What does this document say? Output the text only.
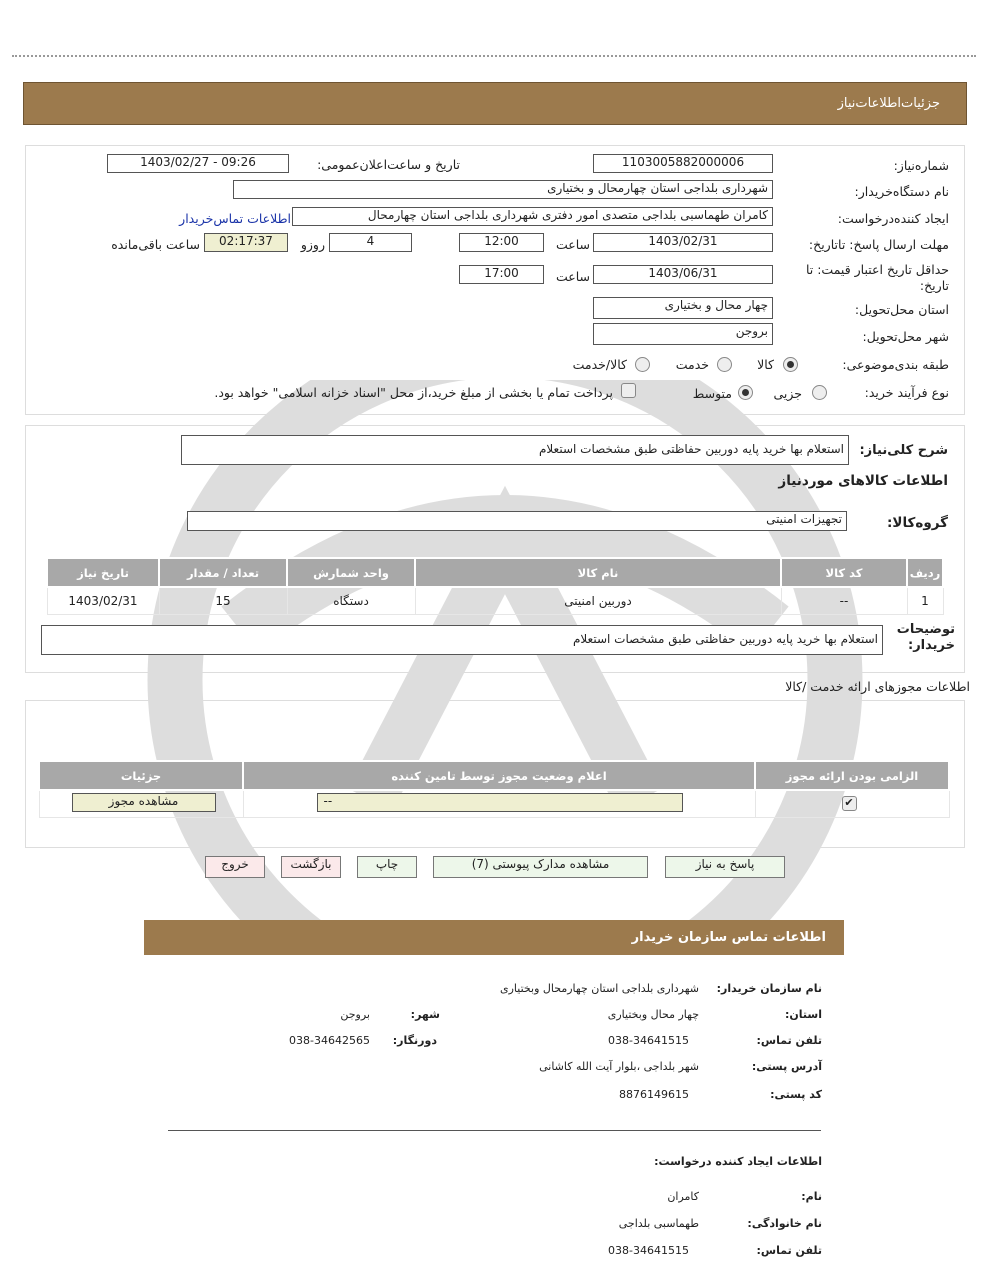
جزئیات‌اطلاعات‌نیاز
شماره‌نیاز:
1103005882000006
تاریخ و ساعت‌اعلان‌عمومی:
1403/02/27 - 09:26
نام دستگاه‌خریدار:
شهرداری بلداجی استان چهارمحال و بختیاری
ایجاد کننده‌درخواست:
کامران طهماسبی بلداجی متصدی امور دفتری شهرداری بلداجی استان چهارمحال
اطلاعات تماس‌خریدار
مهلت ارسال پاسخ: تاتاریخ:
1403/02/31
ساعت
12:00
4
روزو
02:17:37
ساعت باقی‌مانده
حداقل تاریخ اعتبار قیمت: تا تاریخ:
1403/06/31
ساعت
17:00
استان محل‌تحویل:
چهار محال و بختیاری
شهر محل‌تحویل:
بروجن
طبقه بندی‌موضوعی:
کالا
خدمت
کالا/خدمت
نوع فرآیند خرید:
جزیی
متوسط
پرداخت تمام یا بخشی از مبلغ خرید،از محل "اسناد خزانه اسلامی" خواهد بود.
شرح کلی‌نیاز:
استعلام بها خرید پایه دوربین حفاظتی طبق مشخصات استعلام
اطلاعات کالاهای موردنیاز
گروه‌کالا:
تجهیزات امنیتی
ردیف	کد کالا	نام کالا	واحد شمارش	تعداد / مقدار	تاریخ نیاز
1	--	دوربین امنیتی	دستگاه	15	1403/02/31
توضیحات خریدار:
استعلام بها خرید پایه دوربین حفاظتی طبق مشخصات استعلام
اطلاعات مجوزهای ارائه خدمت /کالا
الزامی بودن ارائه مجوز	اعلام وضعیت مجوز توسط تامین کننده	جزئیات

✔	--	مشاهده مجوز
پاسخ به نیاز
مشاهده مدارک پیوستی (7)
چاپ
بازگشت
خروج
اطلاعات تماس سازمان خریدار
نام سازمان خریدار:
شهرداری بلداجی استان چهارمحال وبختیاری
استان:
چهار محال وبختیاری
شهر:
بروجن
تلفن تماس:
038-34641515
دورنگار:
038-34642565
آدرس پستی:
شهر بلداجی ،بلوار آیت الله کاشانی
کد پستی:
8876149615
اطلاعات ایجاد کننده درخواست:
نام:
کامران
نام خانوادگی:
طهماسبی بلداجی
تلفن تماس:
038-34641515
